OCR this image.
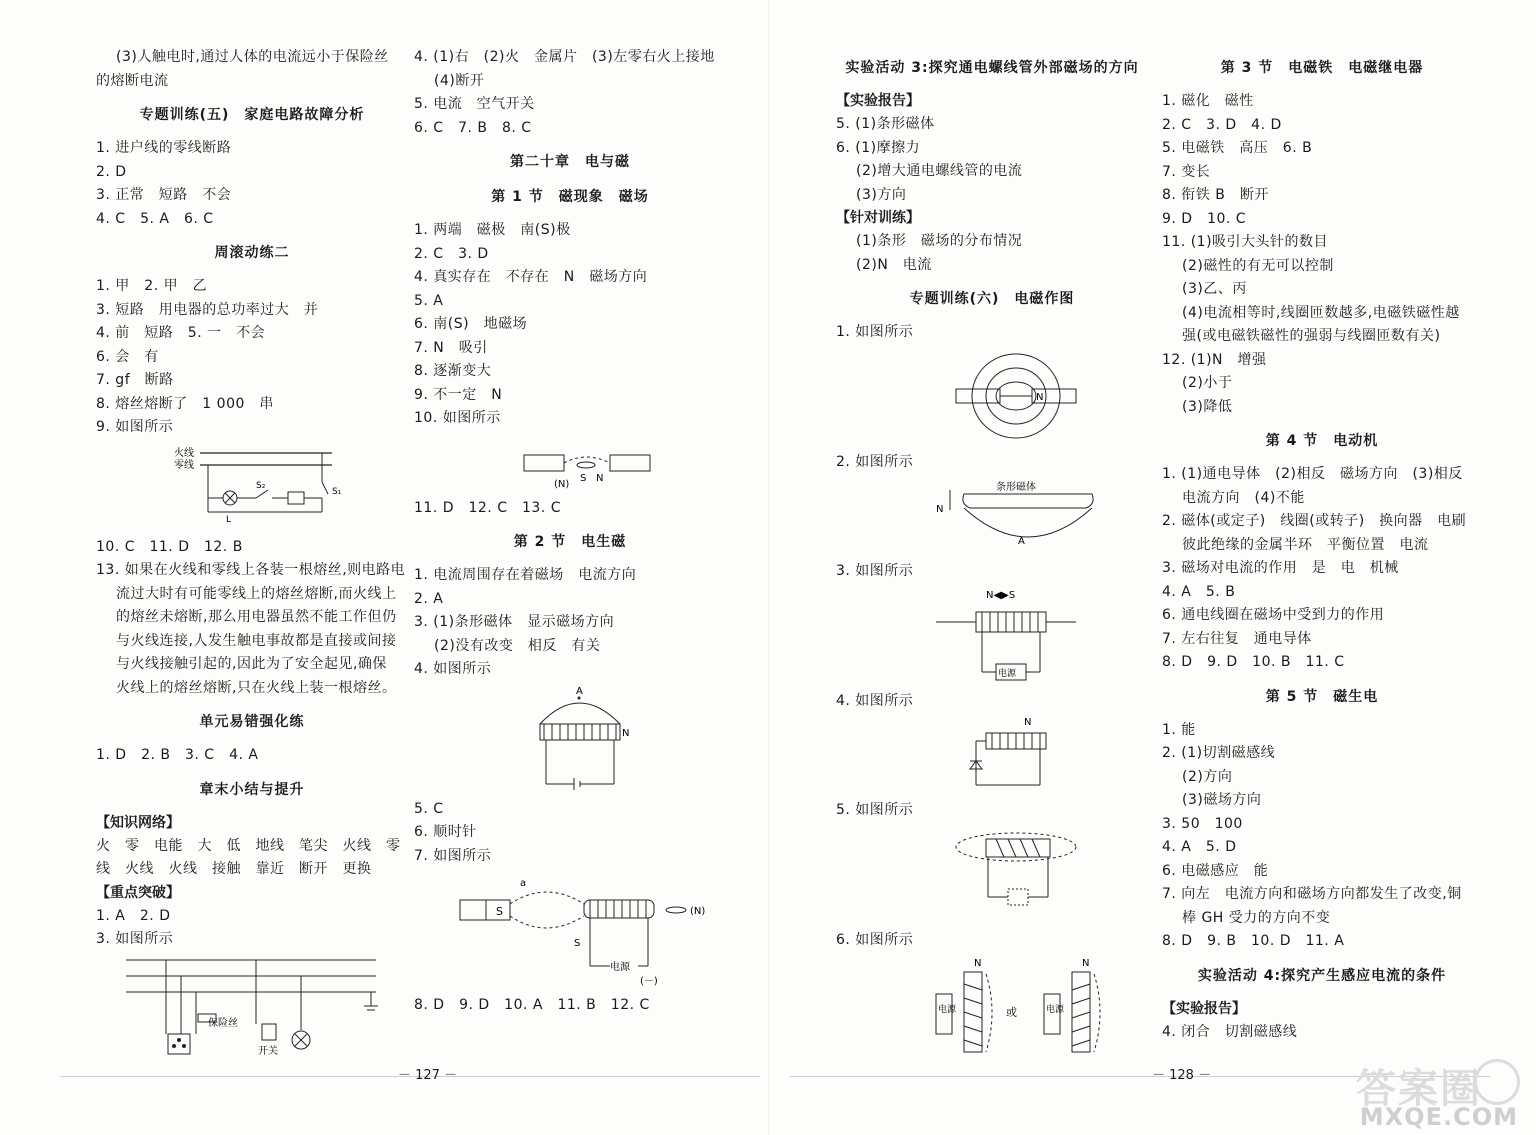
(3)人触电时,通过人体的电流远小于保险丝
的熔断电流
专题训练(五)　家庭电路故障分析
1. 进户线的零线断路
2. D
3. 正常　短路　不会
4. C　5. A　6. C
周滚动练二
1. 甲　2. 甲　乙
3. 短路　用电器的总功率过大　并
4. 前　短路　5. 一　不会
6. 会　有
7. gf　断路
8. 熔丝熔断了　1 000　串
9. 如图所示
火线
零线
S₁
L
S₂
10. C　11. D　12. B
13. 如果在火线和零线上各装一根熔丝,则电路电
流过大时有可能零线上的熔丝熔断,而火线上
的熔丝未熔断,那么用电器虽然不能工作但仍
与火线连接,人发生触电事故都是直接或间接
与火线接触引起的,因此为了安全起见,确保
火线上的熔丝熔断,只在火线上装一根熔丝。
单元易错强化练
1. D　2. B　3. C　4. A
章末小结与提升
【知识网络】
火　零　电能　大　低　地线　笔尖　火线　零
线　火线　火线　接触　靠近　断开　更换
【重点突破】
1. A　2. D
3. 如图所示
保险丝
开关
4. (1)右　(2)火　金属片　(3)左零右火上接地
(4)断开
5. 电流　空气开关
6. C　7. B　8. C
第二十章　电与磁
第 1 节　磁现象　磁场
1. 两端　磁极　南(S)极
2. C　3. D
4. 真实存在　不存在　N　磁场方向
5. A
6. 南(S)　地磁场
7. N　吸引
8. 逐渐变大
9. 不一定　N
10. 如图所示
(N)
S N
11. D　12. C　13. C
第 2 节　电生磁
1. 电流周围存在着磁场　电流方向
2. A
3. (1)条形磁体　显示磁场方向
(2)没有改变　相反　有关
4. 如图所示
A
N
5. C
6. 顺时针
7. 如图所示
S
a
(N)
S
电源
(－)
8. D　9. D　10. A　11. B　12. C
实验活动 3:探究通电螺线管外部磁场的方向
【实验报告】
5. (1)条形磁体
6. (1)摩擦力
(2)增大通电螺线管的电流
(3)方向
【针对训练】
(1)条形　磁场的分布情况
(2)N　电流
专题训练(六)　电磁作图
1. 如图所示
N
2. 如图所示
条形磁体
A
N
3. 如图所示
N◀▶S
电源
4. 如图所示
N
5. 如图所示
6. 如图所示
N
电源	或
N
电源
第 3 节　电磁铁　电磁继电器
1. 磁化　磁性
2. C　3. D　4. D
5. 电磁铁　高压　6. B
7. 变长
8. 衔铁 B　断开
9. D　10. C
11. (1)吸引大头针的数目
(2)磁性的有无可以控制
(3)乙、丙
(4)电流相等时,线圈匝数越多,电磁铁磁性越
强(或电磁铁磁性的强弱与线圈匝数有关)
12. (1)N　增强
(2)小于
(3)降低
第 4 节　电动机
1. (1)通电导体　(2)相反　磁场方向　(3)相反
电流方向　(4)不能
2. 磁体(或定子)　线圈(或转子)　换向器　电刷
彼此绝缘的金属半环　平衡位置　电流
3. 磁场对电流的作用　是　电　机械
4. A　5. B
6. 通电线圈在磁场中受到力的作用
7. 左右往复　通电导体
8. D　9. D　10. B　11. C
第 5 节　磁生电
1. 能
2. (1)切割磁感线
(2)方向
(3)磁场方向
3. 50　100
4. A　5. D
6. 电磁感应　能
7. 向左　电流方向和磁场方向都发生了改变,铜
棒 GH 受力的方向不变
8. D　9. B　10. D　11. A
实验活动 4:探究产生感应电流的条件
【实验报告】
4. 闭合　切割磁感线
－ 127 －	－ 128 －	答案圈
MXQE.COM
